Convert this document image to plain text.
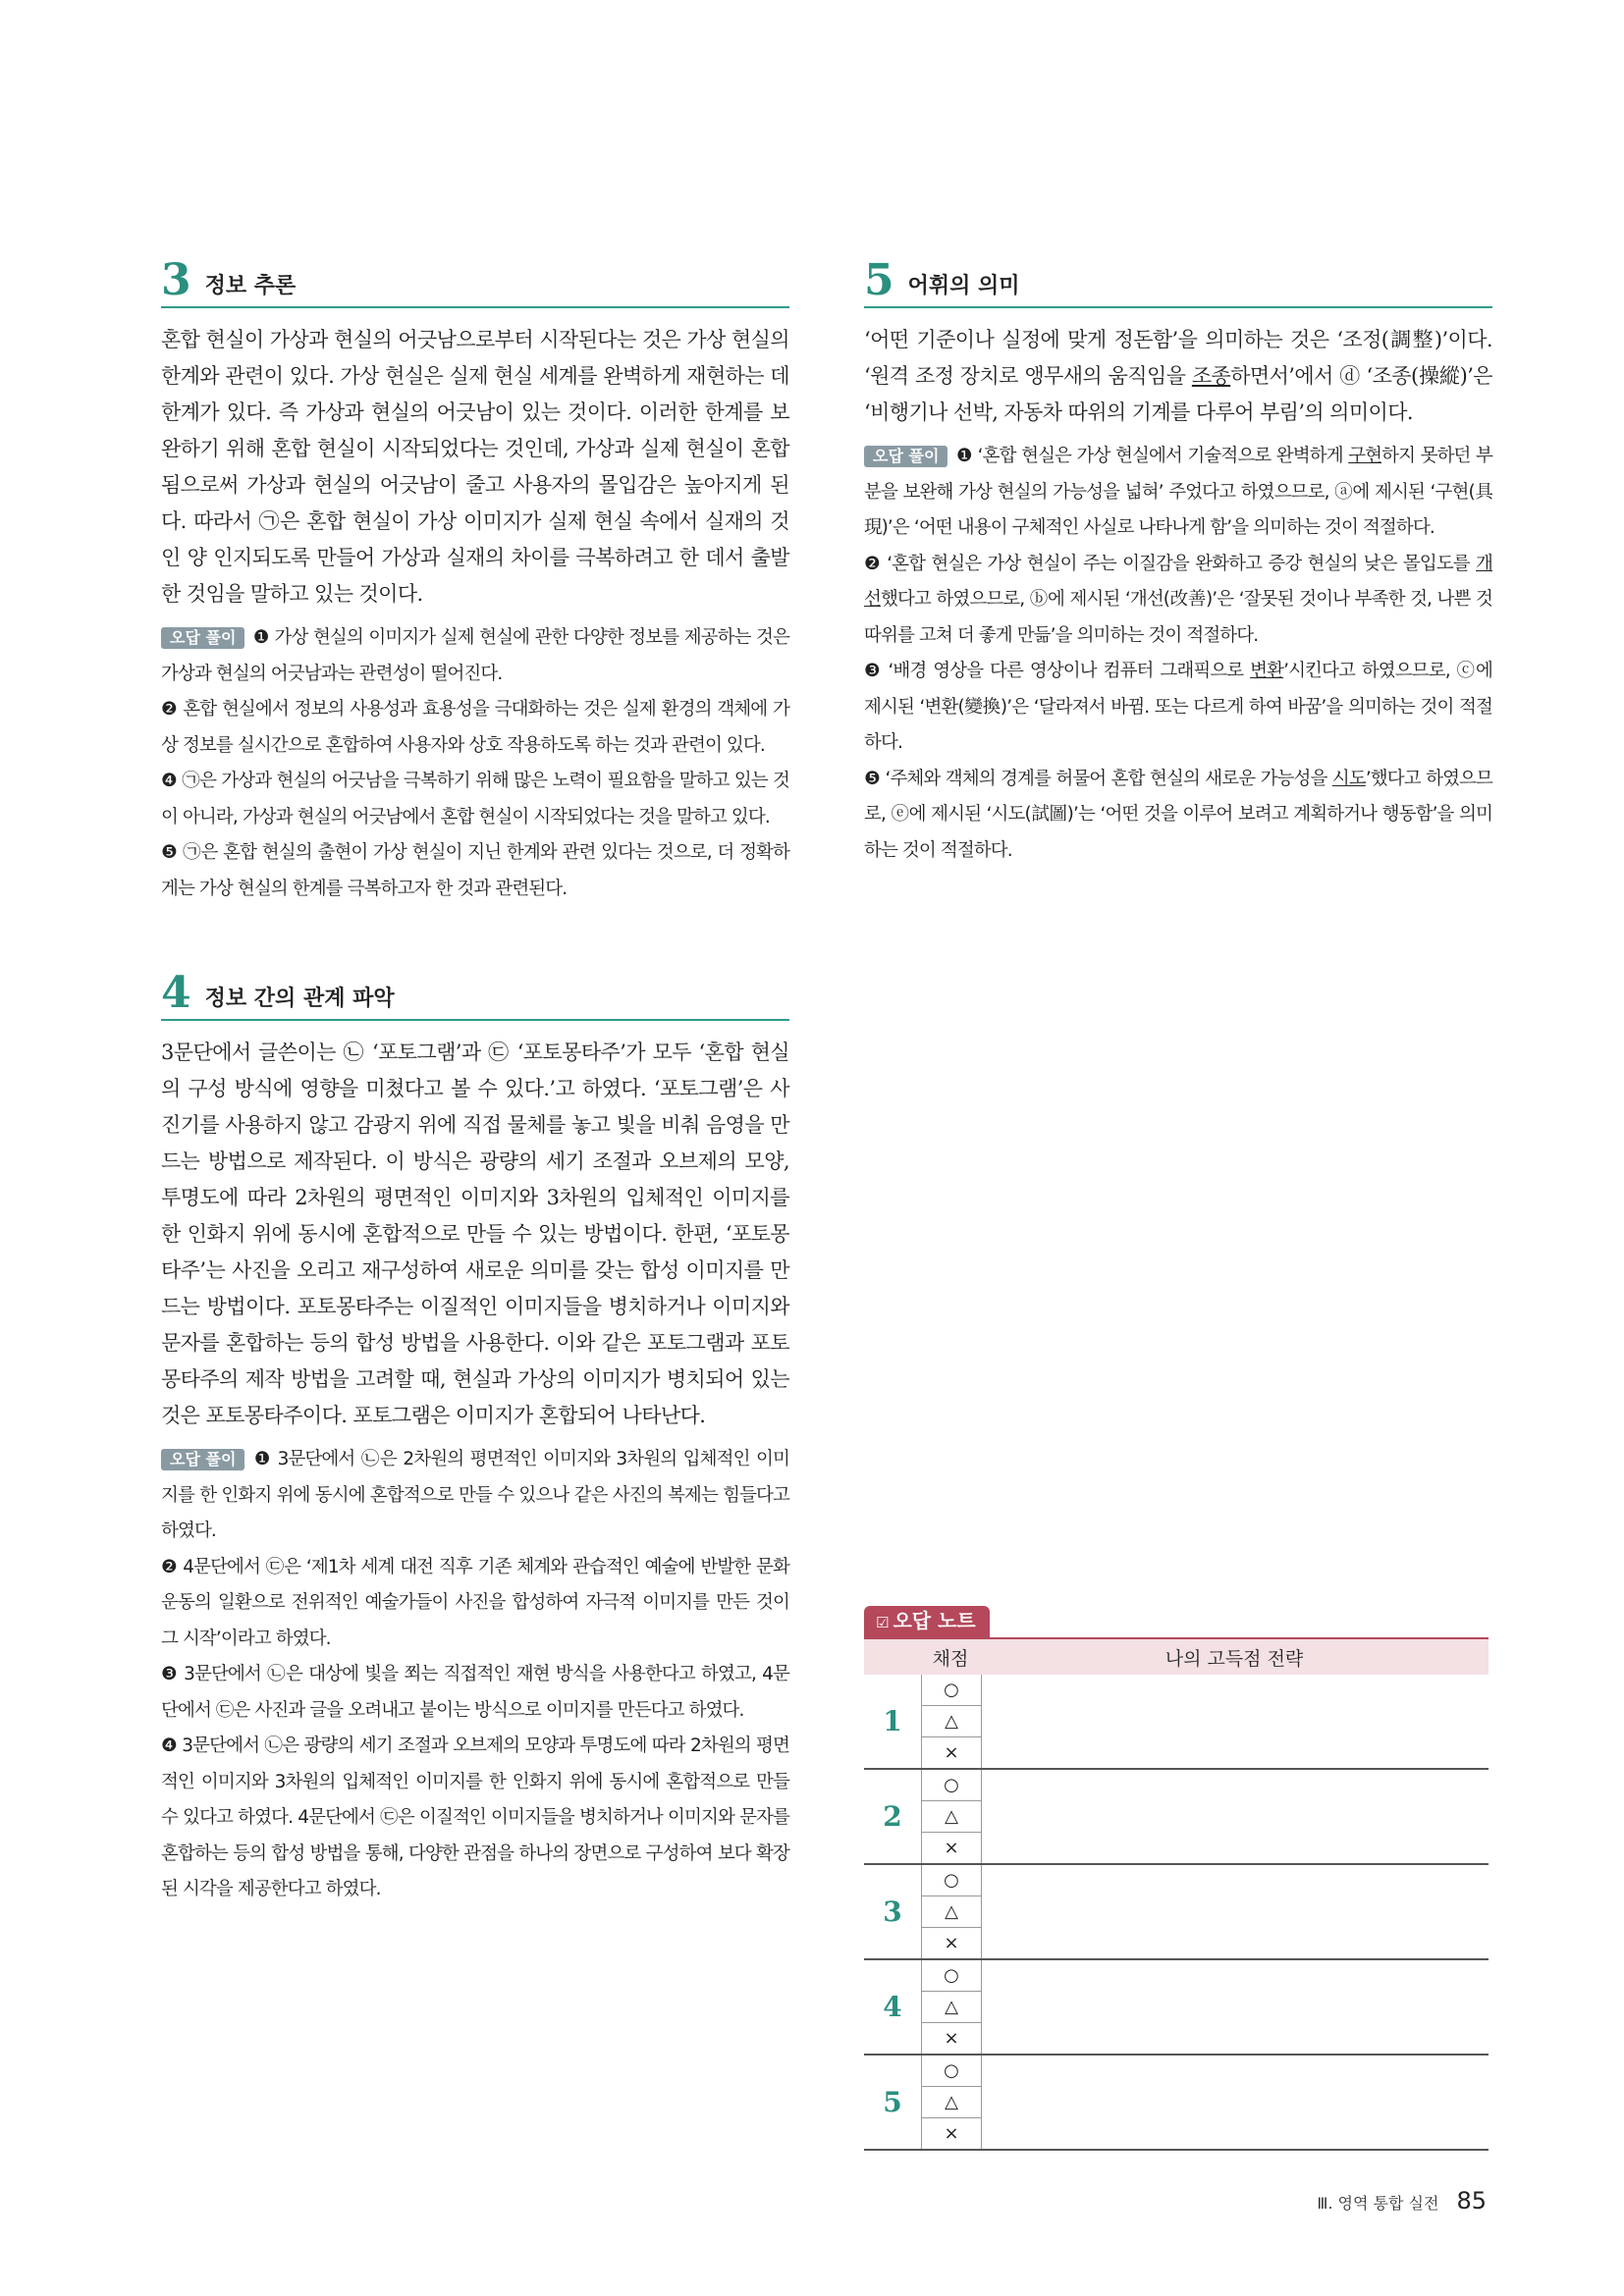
3 정보 추론

혼합 현실이 가상과 현실의 어긋남으로부터 시작된다는 것은 가상 현실의 한계와 관련이 있다. 가상 현실은 실제 현실 세계를 완벽하게 재현하는 데 한계가 있다. 즉 가상과 현실의 어긋남이 있는 것이다. 이러한 한계를 보완하기 위해 혼합 현실이 시작되었다는 것인데, 가상과 실제 현실이 혼합됨으로써 가상과 현실의 어긋남이 줄고 사용자의 몰입감은 높아지게 된다. 따라서 ㉠은 혼합 현실이 가상 이미지가 실제 현실 속에서 실재의 것인 양 인지되도록 만들어 가상과 실재의 차이를 극복하려고 한 데서 출발한 것임을 말하고 있는 것이다.

오답 풀이 ❶ 가상 현실의 이미지가 실제 현실에 관한 다양한 정보를 제공하는 것은 가상과 현실의 어긋남과는 관련성이 떨어진다.

❷ 혼합 현실에서 정보의 사용성과 효용성을 극대화하는 것은 실제 환경의 객체에 가상 정보를 실시간으로 혼합하여 사용자와 상호 작용하도록 하는 것과 관련이 있다.

❹ ㉠은 가상과 현실의 어긋남을 극복하기 위해 많은 노력이 필요함을 말하고 있는 것이 아니라, 가상과 현실의 어긋남에서 혼합 현실이 시작되었다는 것을 말하고 있다.

❺ ㉠은 혼합 현실의 출현이 가상 현실이 지닌 한계와 관련 있다는 것으로, 더 정확하게는 가상 현실의 한계를 극복하고자 한 것과 관련된다.

4 정보 간의 관계 파악

3문단에서 글쓴이는 ㉡ ‘포토그램’과 ㉢ ‘포토몽타주’가 모두 ‘혼합 현실의 구성 방식에 영향을 미쳤다고 볼 수 있다.’고 하였다. ‘포토그램’은 사진기를 사용하지 않고 감광지 위에 직접 물체를 놓고 빛을 비춰 음영을 만드는 방법으로 제작된다. 이 방식은 광량의 세기 조절과 오브제의 모양, 투명도에 따라 2차원의 평면적인 이미지와 3차원의 입체적인 이미지를 한 인화지 위에 동시에 혼합적으로 만들 수 있는 방법이다. 한편, ‘포토몽타주’는 사진을 오리고 재구성하여 새로운 의미를 갖는 합성 이미지를 만드는 방법이다. 포토몽타주는 이질적인 이미지들을 병치하거나 이미지와 문자를 혼합하는 등의 합성 방법을 사용한다. 이와 같은 포토그램과 포토몽타주의 제작 방법을 고려할 때, 현실과 가상의 이미지가 병치되어 있는 것은 포토몽타주이다. 포토그램은 이미지가 혼합되어 나타난다.

오답 풀이 ❶ 3문단에서 ㉡은 2차원의 평면적인 이미지와 3차원의 입체적인 이미지를 한 인화지 위에 동시에 혼합적으로 만들 수 있으나 같은 사진의 복제는 힘들다고 하였다.

❷ 4문단에서 ㉢은 ‘제1차 세계 대전 직후 기존 체계와 관습적인 예술에 반발한 문화 운동의 일환으로 전위적인 예술가들이 사진을 합성하여 자극적 이미지를 만든 것이 그 시작’이라고 하였다.

❸ 3문단에서 ㉡은 대상에 빛을 쬐는 직접적인 재현 방식을 사용한다고 하였고, 4문단에서 ㉢은 사진과 글을 오려내고 붙이는 방식으로 이미지를 만든다고 하였다.

❹ 3문단에서 ㉡은 광량의 세기 조절과 오브제의 모양과 투명도에 따라 2차원의 평면적인 이미지와 3차원의 입체적인 이미지를 한 인화지 위에 동시에 혼합적으로 만들 수 있다고 하였다. 4문단에서 ㉢은 이질적인 이미지들을 병치하거나 이미지와 문자를 혼합하는 등의 합성 방법을 통해, 다양한 관점을 하나의 장면으로 구성하여 보다 확장된 시각을 제공한다고 하였다.

5 어휘의 의미

‘어떤 기준이나 실정에 맞게 정돈함’을 의미하는 것은 ‘조정(調整)’이다. ‘원격 조정 장치로 앵무새의 움직임을 조종하면서’에서 ⓓ ‘조종(操縱)’은 ‘비행기나 선박, 자동차 따위의 기계를 다루어 부림’의 의미이다.

오답 풀이 ❶ ‘혼합 현실은 가상 현실에서 기술적으로 완벽하게 구현하지 못하던 부분을 보완해 가상 현실의 가능성을 넓혀’ 주었다고 하였으므로, ⓐ에 제시된 ‘구현(具現)’은 ‘어떤 내용이 구체적인 사실로 나타나게 함’을 의미하는 것이 적절하다.

❷ ‘혼합 현실은 가상 현실이 주는 이질감을 완화하고 증강 현실의 낮은 몰입도를 개선했다고 하였으므로, ⓑ에 제시된 ‘개선(改善)’은 ‘잘못된 것이나 부족한 것, 나쁜 것 따위를 고쳐 더 좋게 만듦’을 의미하는 것이 적절하다.

❸ ‘배경 영상을 다른 영상이나 컴퓨터 그래픽으로 변환’시킨다고 하였으므로, ⓒ에 제시된 ‘변환(變換)’은 ‘달라져서 바뀜. 또는 다르게 하여 바꿈’을 의미하는 것이 적절하다.

❺ ‘주체와 객체의 경계를 허물어 혼합 현실의 새로운 가능성을 시도’했다고 하였으므로, ⓔ에 제시된 ‘시도(試圖)’는 ‘어떤 것을 이루어 보려고 계획하거나 행동함’을 의미하는 것이 적절하다.

☑ 오답 노트
채점	나의 고득점 전략
1
○
△
×
2
○
△
×
3
○
△
×
4
○
△
×
5
○
△
×
Ⅲ. 영역 통합 실전 85
